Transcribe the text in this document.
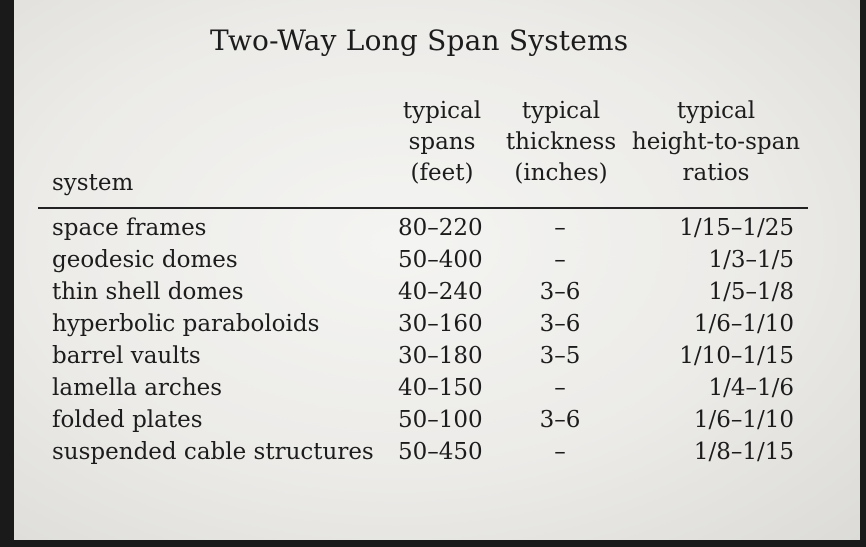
Two-Way Long Span Systems
system
typical
spans
(feet)
typical
thickness
(inches)
typical
height-to-span
ratios
space frames	80–220	–	1/15–1/25
geodesic domes	50–400	–	1/3–1/5
thin shell domes	40–240	3–6	1/5–1/8
hyperbolic paraboloids	30–160	3–6	1/6–1/10
barrel vaults	30–180	3–5	1/10–1/15
lamella arches	40–150	–	1/4–1/6
folded plates	50–100	3–6	1/6–1/10
suspended cable structures 50–450	–	1/8–1/15
